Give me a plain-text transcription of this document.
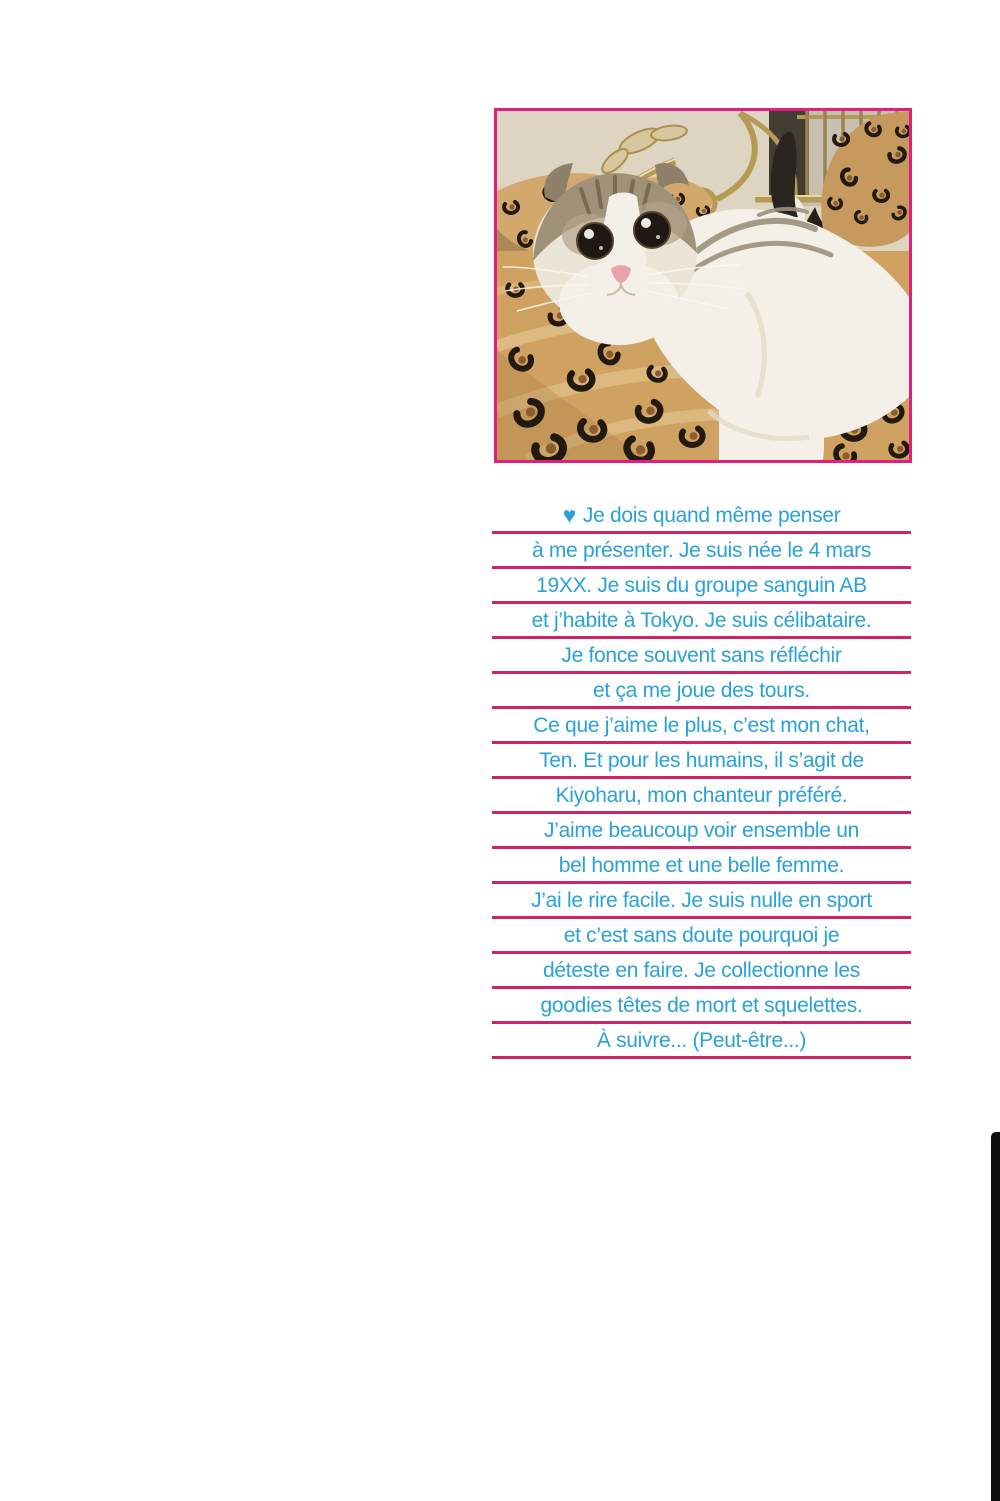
♥ Je dois quand même penser
à me présenter. Je suis née le 4 mars
19XX. Je suis du groupe sanguin AB
et j’habite à Tokyo. Je suis célibataire.
Je fonce souvent sans réfléchir
et ça me joue des tours.
Ce que j’aime le plus, c’est mon chat,
Ten. Et pour les humains, il s’agit de
Kiyoharu, mon chanteur préféré.
J’aime beaucoup voir ensemble un
bel homme et une belle femme.
J’ai le rire facile. Je suis nulle en sport
et c’est sans doute pourquoi je
déteste en faire. Je collectionne les
goodies têtes de mort et squelettes.
À suivre... (Peut-être...)
